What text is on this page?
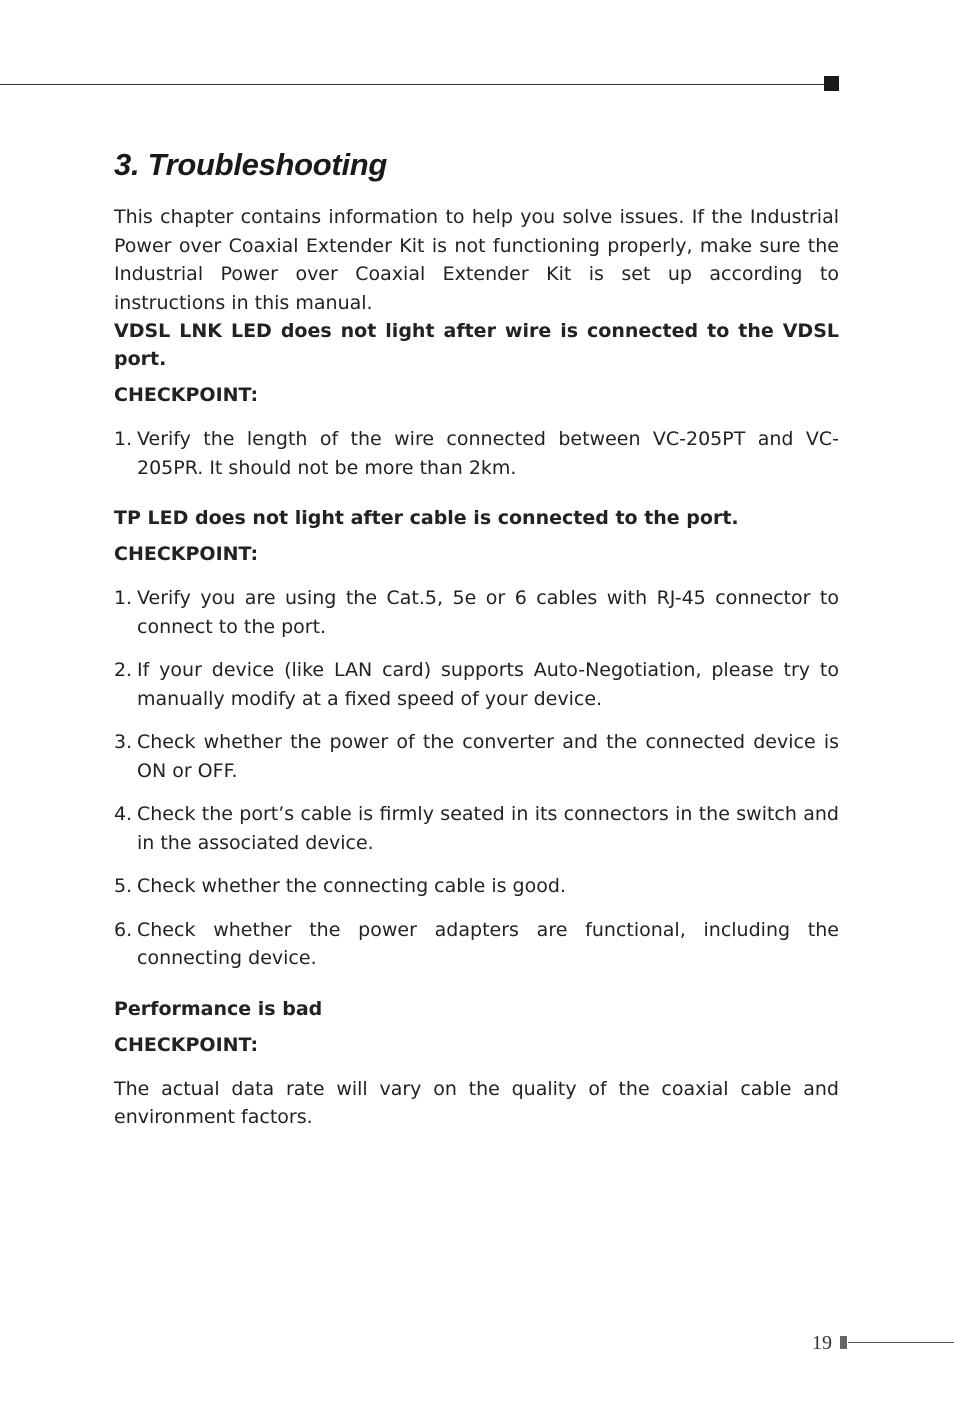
3. Troubleshooting

This chapter contains information to help you solve issues. If the Industrial Power over Coaxial Extender Kit is not functioning properly, make sure the Industrial Power over Coaxial Extender Kit is set up according to instructions in this manual.

VDSL LNK LED does not light after wire is connected to the VDSL port.

CHECKPOINT:

1. Verify the length of the wire connected between VC-205PT and VC-205PR. It should not be more than 2km.

TP LED does not light after cable is connected to the port.

CHECKPOINT:

1. Verify you are using the Cat.5, 5e or 6 cables with RJ-45 connector to connect to the port.
2. If your device (like LAN card) supports Auto-Negotiation, please try to manually modify at a ﬁxed speed of your device.
3. Check whether the power of the converter and the connected device is ON or OFF.
4. Check the port’s cable is ﬁrmly seated in its connectors in the switch and in the associated device.
5. Check whether the connecting cable is good.
6. Check whether the power adapters are functional, including the connecting device.

Performance is bad

CHECKPOINT:

The actual data rate will vary on the quality of the coaxial cable and environment factors.

19
